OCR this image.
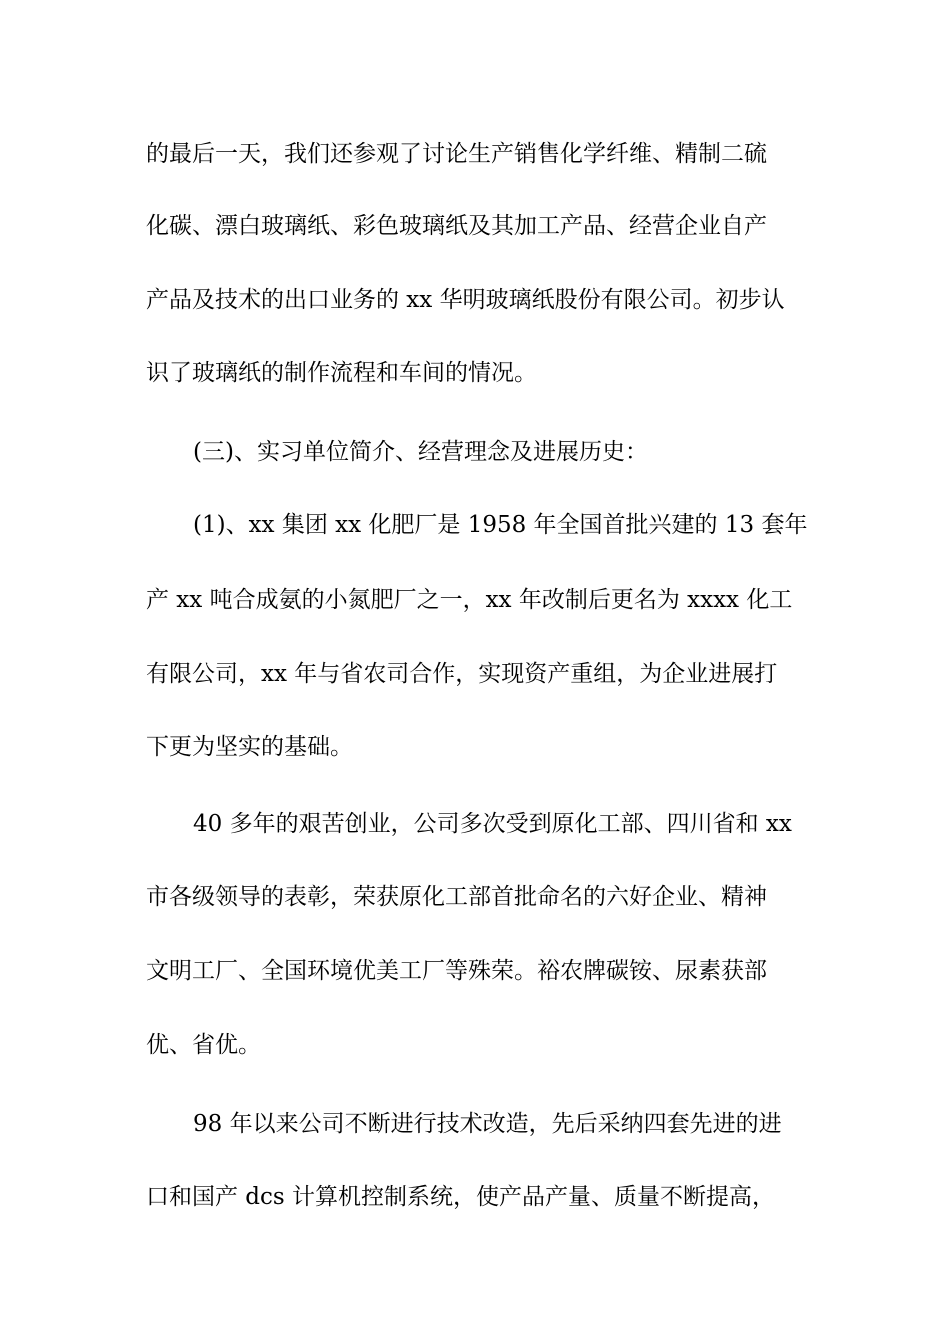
的最后一天，我们还参观了讨论生产销售化学纤维、精制二硫
化碳、漂白玻璃纸、彩色玻璃纸及其加工产品、经营企业自产
产品及技术的出口业务的 xx 华明玻璃纸股份有限公司。初步认
识了玻璃纸的制作流程和车间的情况。
(三)、实习单位简介、经营理念及进展历史：
(1)、xx 集团 xx 化肥厂是 1958 年全国首批兴建的 13 套年
产 xx 吨合成氨的小氮肥厂之一，xx 年改制后更名为 xxxx 化工
有限公司，xx 年与省农司合作，实现资产重组，为企业进展打
下更为坚实的基础。
40 多年的艰苦创业，公司多次受到原化工部、四川省和 xx
市各级领导的表彰，荣获原化工部首批命名的六好企业、精神
文明工厂、全国环境优美工厂等殊荣。裕农牌碳铵、尿素获部
优、省优。
98 年以来公司不断进行技术改造，先后采纳四套先进的进
口和国产 dcs 计算机控制系统，使产品产量、质量不断提高，
